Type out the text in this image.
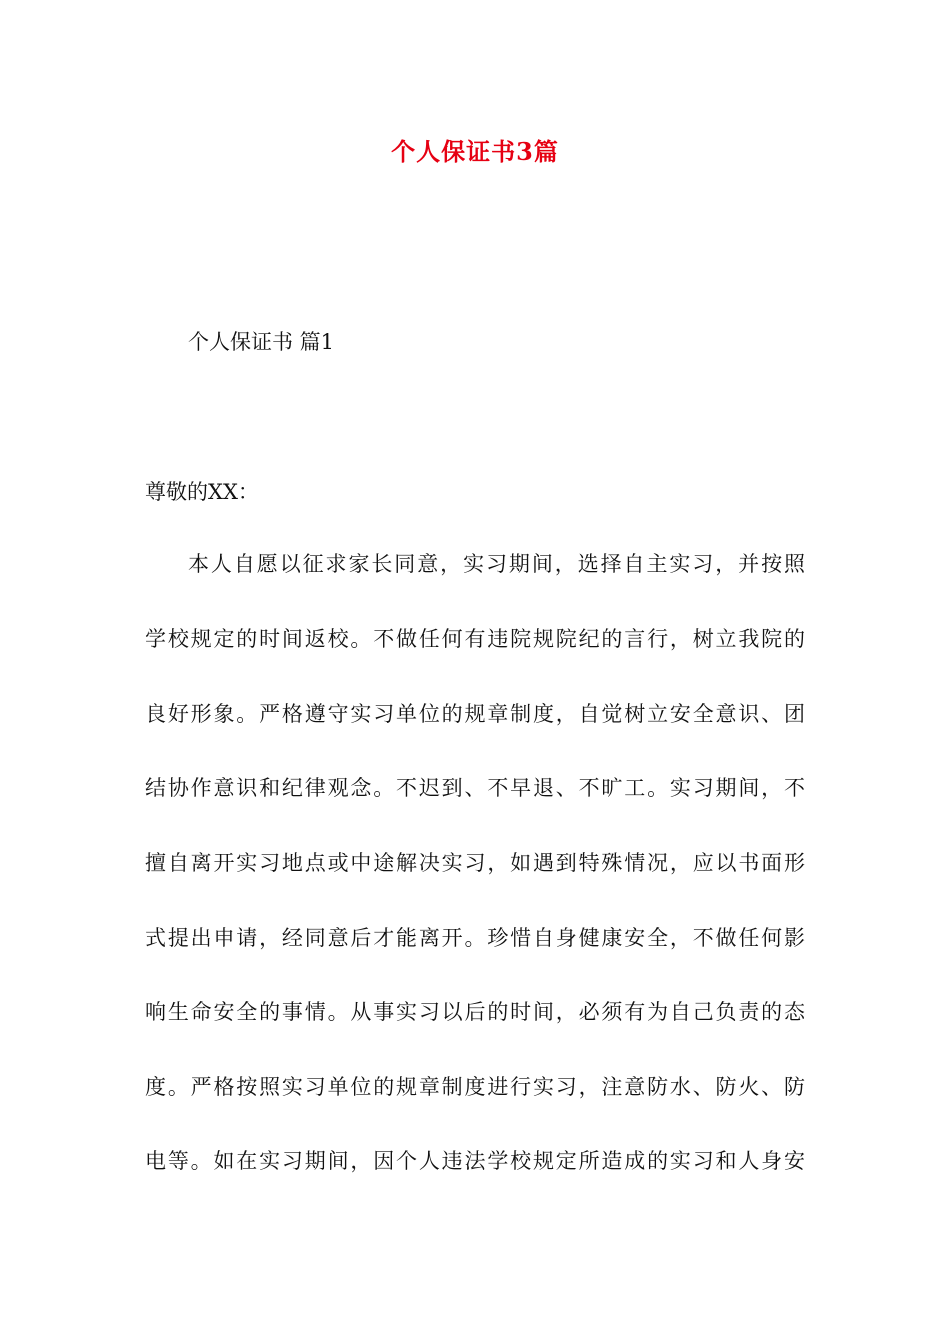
个人保证书3篇
个人保证书 篇1
尊敬的XX：
本人自愿以征求家长同意，实习期间，选择自主实习，并按照
学校规定的时间返校。不做任何有违院规院纪的言行，树立我院的
良好形象。严格遵守实习单位的规章制度，自觉树立安全意识、团
结协作意识和纪律观念。不迟到、不早退、不旷工。实习期间，不
擅自离开实习地点或中途解决实习，如遇到特殊情况，应以书面形
式提出申请，经同意后才能离开。珍惜自身健康安全，不做任何影
响生命安全的事情。从事实习以后的时间，必须有为自己负责的态
度。严格按照实习单位的规章制度进行实习，注意防水、防火、防
电等。如在实习期间，因个人违法学校规定所造成的实习和人身安
